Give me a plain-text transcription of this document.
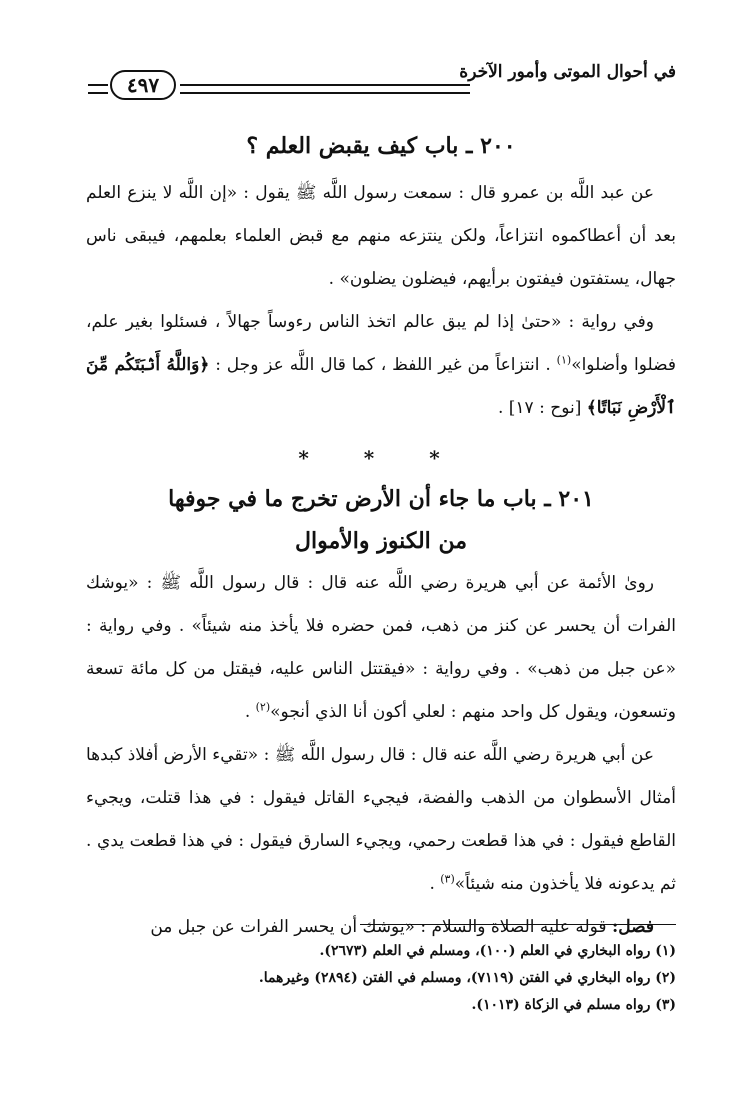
في أحوال الموتى وأمور الآخرة
٤٩٧
٢٠٠ ـ باب كيف يقبض العلم ؟

عن عبد اللَّه بن عمرو قال : سمعت رسول اللَّه ﷺ يقول : «إن اللَّه لا ينزع العلم بعد أن أعطاكموه انتزاعاً، ولكن ينتزعه منهم مع قبض العلماء بعلمهم، فيبقى ناس جهال، يستفتون فيفتون برأيهم، فيضلون يضلون» .

وفي رواية : «حتىٰ إذا لم يبق عالم اتخذ الناس رءوساً جهالاً ، فسئلوا بغير علم، فضلوا وأضلوا»$^{(١)}$ . انتزاعاً من غير اللفظ ، كما قال اللَّه عز وجل : ﴿وَاللَّهُ أَنۢبَتَكُم مِّنَ ٱلْأَرْضِ نَبَاتًا﴾ [نوح : ١٧] .

* * *
٢٠١ ـ باب ما جاء أن الأرض تخرج ما في جوفها
من الكنوز والأموال

روىٰ الأئمة عن أبي هريرة رضي اللَّه عنه قال : قال رسول اللَّه ﷺ : «يوشك الفرات أن يحسر عن كنز من ذهب، فمن حضره فلا يأخذ منه شيئاً» . وفي رواية : «عن جبل من ذهب» . وفي رواية : «فيقتتل الناس عليه، فيقتل من كل مائة تسعة وتسعون، ويقول كل واحد منهم : لعلي أكون أنا الذي أنجو»$^{(٢)}$ .

عن أبي هريرة رضي اللَّه عنه قال : قال رسول اللَّه ﷺ : «تقيء الأرض أفلاذ كبدها أمثال الأسطوان من الذهب والفضة، فيجيء القاتل فيقول : في هذا قتلت، ويجيء القاطع فيقول : في هذا قطعت رحمي، ويجيء السارق فيقول : في هذا قطعت يدي . ثم يدعونه فلا يأخذون منه شيئاً»$^{(٣)}$ .

فصل: قوله عليه الصلاة والسلام : «يوشك أن يحسر الفرات عن جبل من

(١) رواه البخاري في العلم (١٠٠)، ومسلم في العلم (٢٦٧٣).
(٢) رواه البخاري في الفتن (٧١١٩)، ومسلم في الفتن (٢٨٩٤) وغيرهما.
(٣) رواه مسلم في الزكاة (١٠١٣).
